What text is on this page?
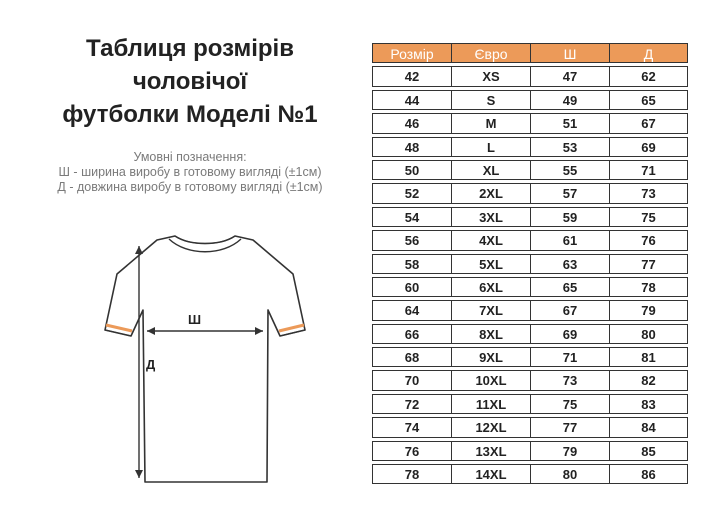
Таблиця розмірів
чоловічої
футболки Моделі №1
Умовні позначення:
Ш - ширина виробу в готовому вигляді (±1см)
Д - довжина виробу в готовому вигляді (±1см)
Ш
Д
Розмір	Євро	Ш	Д
42	XS	47	62
44	S	49	65
46	M	51	67
48	L	53	69
50	XL	55	71
52	2XL	57	73
54	3XL	59	75
56	4XL	61	76
58	5XL	63	77
60	6XL	65	78
64	7XL	67	79
66	8XL	69	80
68	9XL	71	81
70	10XL	73	82
72	11XL	75	83
74	12XL	77	84
76	13XL	79	85
78	14XL	80	86
